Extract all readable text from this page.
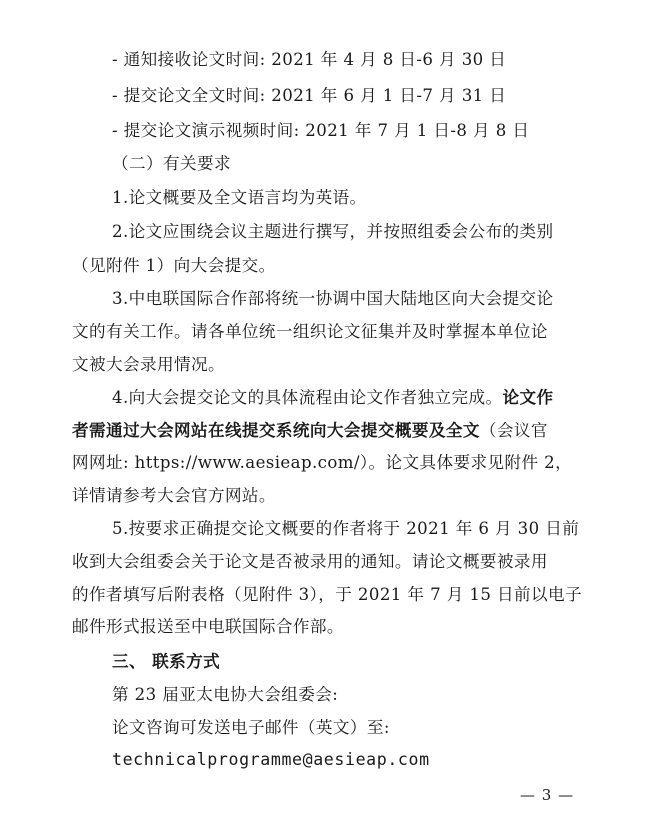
- 通知接收论文时间: 2021 年 4 月 8 日-6 月 30 日
- 提交论文全文时间: 2021 年 6 月 1 日-7 月 31 日
- 提交论文演示视频时间: 2021 年 7 月 1 日-8 月 8 日
（二）有关要求
1.论文概要及全文语言均为英语。
2.论文应围绕会议主题进行撰写，并按照组委会公布的类别
（见附件 1）向大会提交。
3.中电联国际合作部将统一协调中国大陆地区向大会提交论
文的有关工作。请各单位统一组织论文征集并及时掌握本单位论
文被大会录用情况。
4.向大会提交论文的具体流程由论文作者独立完成。论文作
者需通过大会网站在线提交系统向大会提交概要及全文（会议官
网网址: https://www.aesieap.com/）。论文具体要求见附件 2，
详情请参考大会官方网站。
5.按要求正确提交论文概要的作者将于 2021 年 6 月 30 日前
收到大会组委会关于论文是否被录用的通知。请论文概要被录用
的作者填写后附表格（见附件 3），于 2021 年 7 月 15 日前以电子
邮件形式报送至中电联国际合作部。
三、 联系方式
第 23 届亚太电协大会组委会:
论文咨询可发送电子邮件（英文）至:
technicalprogramme@aesieap.com
— 3 —
